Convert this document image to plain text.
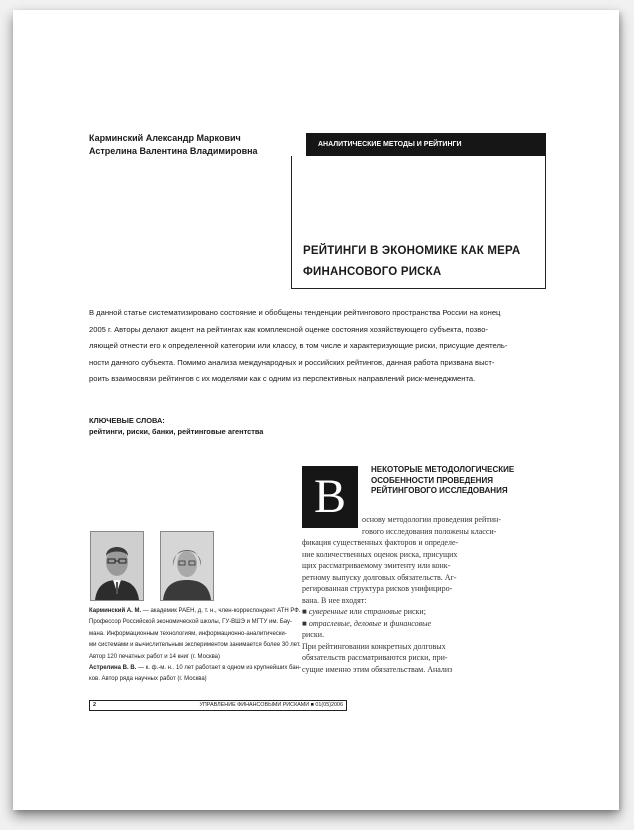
Карминский Александр Маркович
Астрелина Валентина Владимировна
АНАЛИТИЧЕСКИЕ МЕТОДЫ И РЕЙТИНГИ
РЕЙТИНГИ В ЭКОНОМИКЕ КАК МЕРА
ФИНАНСОВОГО РИСКА
В данной статье систематизировано состояние и обобщены тенденции рейтингового пространства России на конец
2005 г. Авторы делают акцент на рейтингах как комплексной оценке состояния хозяйствующего субъекта, позво-
ляющей отнести его к определенной категории или классу, в том числе и характеризующие риски, присущие деятель-
ности данного субъекта. Помимо анализа международных и российских рейтингов, данная работа призвана выст-
роить взаимосвязи рейтингов с их моделями как с одним из перспективных направлений риск-менеджмента.
КЛЮЧЕВЫЕ СЛОВА:
рейтинги, риски, банки, рейтинговые агентства
В
НЕКОТОРЫЕ МЕТОДОЛОГИЧЕСКИЕ
ОСОБЕННОСТИ ПРОВЕДЕНИЯ
РЕЙТИНГОВОГО ИССЛЕДОВАНИЯ
основу методологии проведения рейтин-
гового исследования положены класси-
фикация существенных факторов и определе-
ние количественных оценок риска, присущих
щих рассматриваемому эмитенту или конк-
ретному выпуску долговых обязательств. Аг-
регированная структура рисков унифициро-
вана. В нее входят:
■ суверенные или страновые риски;
■ отраслевые, деловые и финансовые
риски.
При рейтинговании конкретных долговых
обязательств рассматриваются риски, при-
сущие именно этим обязательствам. Анализ
Карминский А. М. — академик РАЕН, д. т. н., член-корреспондент АТН РФ.
Профессор Российской экономической школы, ГУ-ВШЭ и МГТУ им. Бау-
мана. Информационным технологиям, информационно-аналитически-
ми системами и вычислительным экспериментом занимается более 30 лет.
Автор 120 печатных работ и 14 книг (г. Москва)
Астрелина В. В. — к. ф.-м. н.. 10 лет работает в одном из крупнейших бан-
ков. Автор ряда научных работ (г. Москва)
2	УПРАВЛЕНИЕ ФИНАНСОВЫМИ РИСКАМИ ■ 01(05)2006
